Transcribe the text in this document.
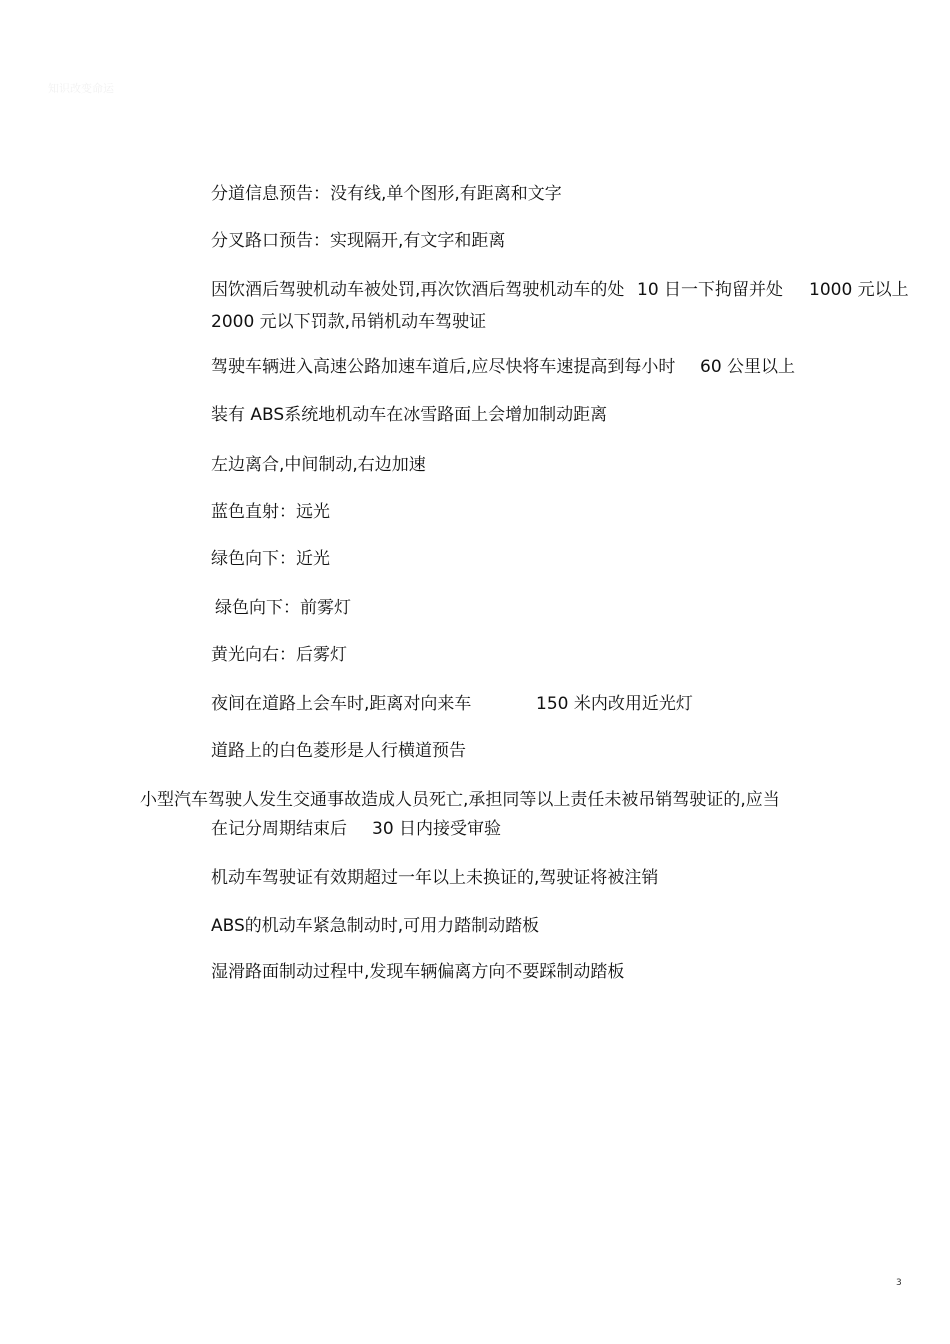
知识改变命运
分道信息预告：没有线,单个图形,有距离和文字
分叉路口预告：实现隔开,有文字和距离
因饮酒后驾驶机动车被处罚,再次饮酒后驾驶机动车的处 10 日一下拘留并处 1000 元以上
2000 元以下罚款,吊销机动车驾驶证
驾驶车辆进入高速公路加速车道后,应尽快将车速提高到每小时 60 公里以上
装有 ABS系统地机动车在冰雪路面上会增加制动距离
左边离合,中间制动,右边加速
蓝色直射：远光
绿色向下：近光
绿色向下：前雾灯
黄光向右：后雾灯
夜间在道路上会车时,距离对向来车	150 米内改用近光灯
道路上的白色菱形是人行横道预告
小型汽车驾驶人发生交通事故造成人员死亡,承担同等以上责任未被吊销驾驶证的,应当
在记分周期结束后 30 日内接受审验
机动车驾驶证有效期超过一年以上未换证的,驾驶证将被注销
ABS的机动车紧急制动时,可用力踏制动踏板
湿滑路面制动过程中,发现车辆偏离方向不要踩制动踏板
3
